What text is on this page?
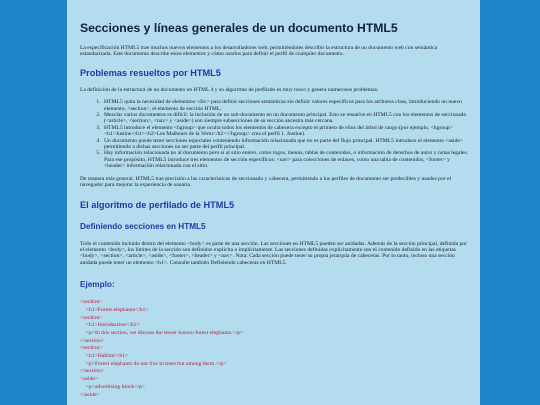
Secciones y líneas generales de un documento HTML5

La especificación HTML5 trae muchos nuevos elementos a los desarrolladores web, permitiéndoles describir la estructura de un documento web con semántica estandarizada. Este documento describe estos elementos y cómo usarlos para definir el perfil de cualquier documento.

Problemas resueltos por HTML5

La definición de la estructura de un documento en HTML 4 y su algoritmo de perfilado es muy tosco y genera numerosos problemas:

1. HTML5 quita la necesidad de elementos <div> para definir secciones semánticas sin definir valores específicos para los atributos class, introduciendo un nuevo elemento, <section>, el elemento de sección HTML.
2. Mezclar varios documentos es difícil: la inclusión de un sub-documento en un documento principal. Esto se resuelve en HTML5 con los elementos de seccionado (<article>, <section>, <nav> y <aside>) son siempre subsecciones de su sección ancestra más cercana.
3. HTML5 introduce el elemento <hgroup> que oculta todos los elementos de cabecera excepto el primero de ellos del árbol de rango (por ejemplo, <hgroup><h1>Justine</h1><h2>Les Malheurs de la Vertu</h2></hgroup> crea el perfil 1. Justine).
4. Un documento puede tener secciones especiales conteniendo información relacionada que no es parte del flujo principal. HTML5 introduce el elemento <aside> permitiendo a dichas secciones no ser parte del perfil principal.
5. Hay información relacionada no al documento pero sí al sitio entero, como logos, menús, tablas de contenidos, o información de derechos de autor y notas legales. Para ese propósito, HTML5 introduce tres elementos de sección específicos: <nav> para colecciones de enlaces, como una tabla de contenidos, <footer> y <header> información relacionada con el sitio.

De manera más general, HTML5 trae precisión a las características de seccionado y cabecera, permitiendo a los perfiles de documento ser predecibles y usados por el navegador para mejorar la experiencia de usuario.

El algoritmo de perfilado de HTML5
Definiendo secciones en HTML5

Todo el contenido incluido dentro del elemento <body> es parte de una sección. Las secciones en HTML5 pueden ser anidadas. Además de la sección principal, definida por el elemento <body>, los límites de la sección son definidos explícita o implícitamente. Las secciones definidas explícitamente son el contenido definido en las etiquetas <body>, <section>, <article>, <aside>, <footer>, <header> y <nav>. Nota: Cada sección puede tener su propia jerarquía de cabeceras. Por lo tanto, incluso una sección anidada puede tener un elemento <h1>. Consulte también Definiendo cabeceras en HTML5.

Ejemplo:
<section>
<h1>Forest elephants</h1>
<section>
<h1>Introduction</h1>
<p>In this section, we discuss the lesser known forest elephants.</p>
</section>
<section>
<h1>Habitat</h1>
<p>Forest elephants do not live in trees but among them.</p>
</section>
<aside>
<p>advertising block</p>
</aside>
